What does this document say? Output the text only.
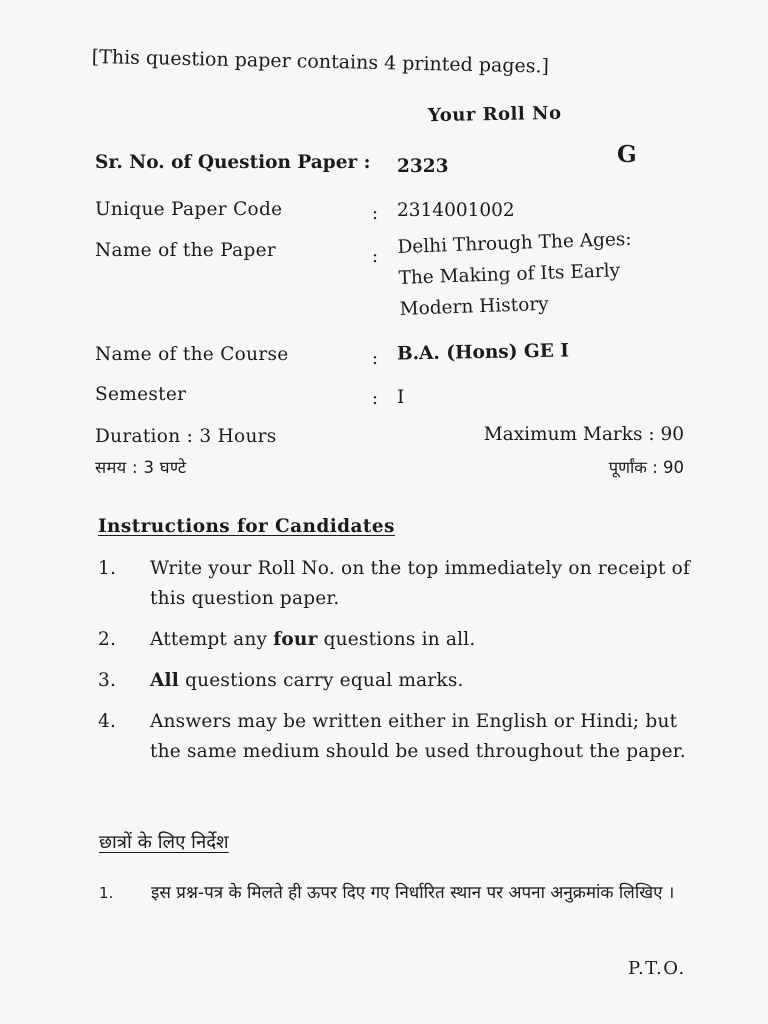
[This question paper contains 4 printed pages.]
Your Roll No
G
Sr. No. of Question Paper : 2323
Unique Paper Code	: 2314001002
Name of the Paper	: Delhi Through The Ages:
The Making of Its Early
Modern History
Name of the Course	: B.A. (Hons) GE I
Semester	: I
Duration : 3 Hours
समय : 3 घण्टे
Maximum Marks : 90
पूर्णांक : 90
Instructions for Candidates
1.	Write your Roll No. on the top immediately on receipt of this question paper.
2.	Attempt any four questions in all.
3.	All questions carry equal marks.
4.	Answers may be written either in English or Hindi; but the same medium should be used throughout the paper.
छात्रों के लिए निर्देश
1.	इस प्रश्न-पत्र के मिलते ही ऊपर दिए गए निर्धारित स्थान पर अपना अनुक्रमांक लिखिए ।
P.T.O.
